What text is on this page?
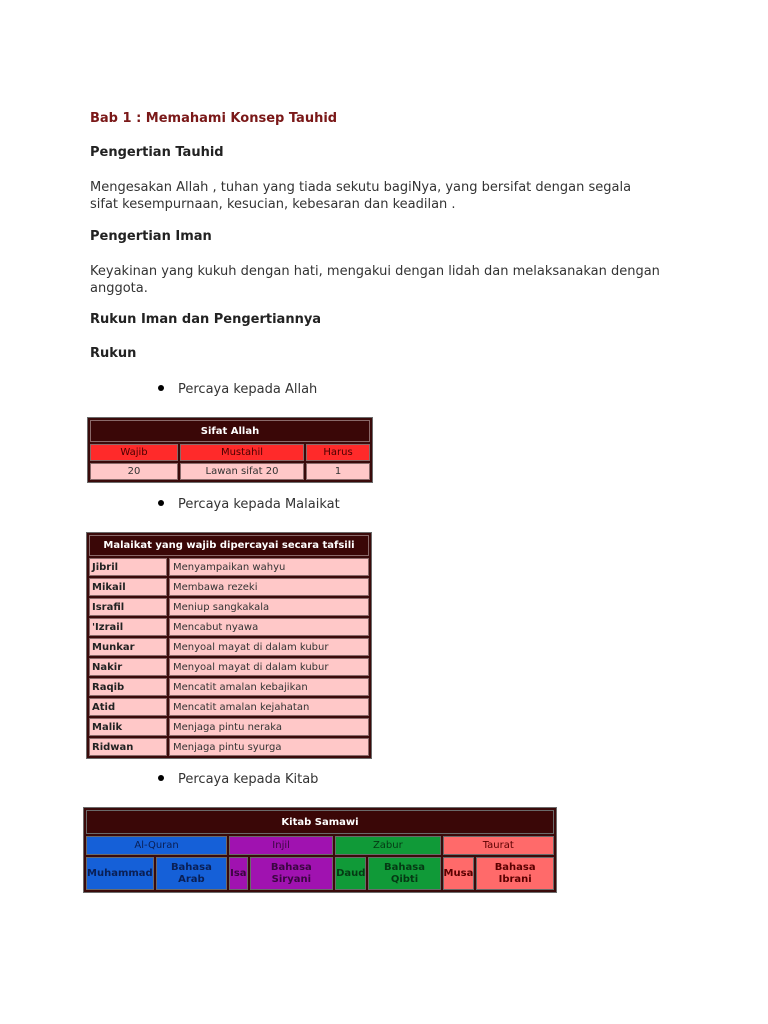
Bab 1 : Memahami Konsep Tauhid
Pengertian Tauhid
Mengesakan Allah , tuhan yang tiada sekutu bagiNya, yang bersifat dengan segala sifat kesempurnaan, kesucian, kebesaran dan keadilan .
Pengertian Iman
Keyakinan yang kukuh dengan hati, mengakui dengan lidah dan melaksanakan dengan anggota.
Rukun Iman dan Pengertiannya
Rukun
Percaya kepada Allah
Percaya kepada Malaikat
Percaya kepada Kitab
Sifat Allah		
Wajib	Mustahil	Harus
20	Lawan sifat 20	1
Malaikat yang wajib dipercayai secara tafsili	
Jibril	Menyampaikan wahyu
Mikail	Membawa rezeki
Israfil	Meniup sangkakala
'Izrail	Mencabut nyawa
Munkar	Menyoal mayat di dalam kubur
Nakir	Menyoal mayat di dalam kubur
Raqib	Mencatit amalan kebajikan
Atid	Mencatit amalan kejahatan
Malik	Menjaga pintu neraka
Ridwan	Menjaga pintu syurga
Kitab Samawi							
Al-Quran		Injil		Zabur		Taurat	
Muhammad	Bahasa Arab	Isa	Bahasa Siryani	Daud	Bahasa Qibti	Musa	Bahasa Ibrani
